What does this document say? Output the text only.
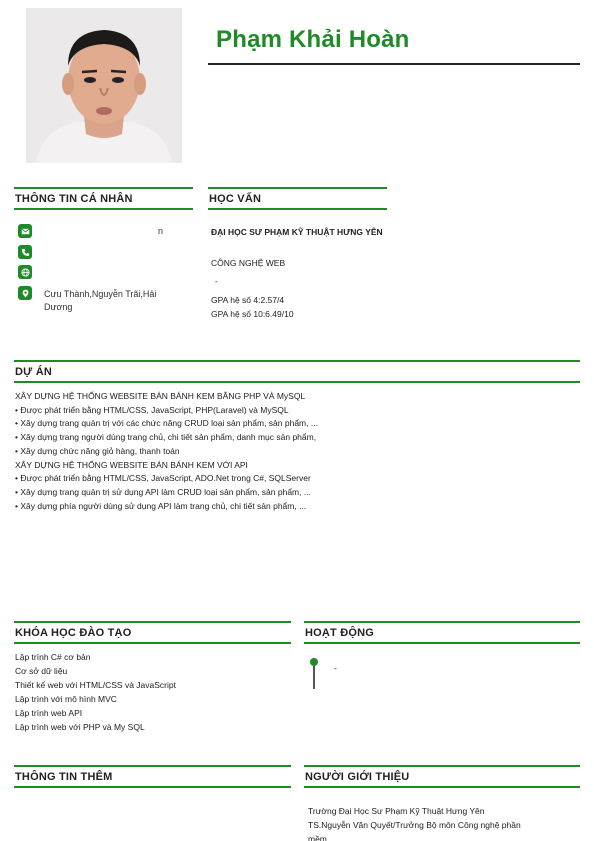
Phạm Khải Hoàn
THÔNG TIN CÁ NHÂN
n
Cưu Thành,Nguyễn Trãi,Hải Dương
HỌC VẤN
ĐẠI HỌC SƯ PHẠM KỸ THUẬT HƯNG YÊN
CÔNG NGHỆ WEB
-
GPA hệ số 4:2.57/4
GPA hệ số 10:6.49/10
DỰ ÁN
XÂY DỰNG HỆ THỐNG WEBSITE BÁN BÁNH KEM BẰNG PHP VÀ MySQL
• Được phát triển bằng HTML/CSS, JavaScript, PHP(Laravel) và MySQL
• Xây dựng trang quản trị với các chức năng CRUD loại sản phẩm, sản phẩm, ...
• Xây dựng trang người dùng trang chủ, chi tiết sản phẩm, danh mục sản phẩm,
• Xây dựng chức năng giỏ hàng, thanh toán
XÂY DỰNG HỆ THỐNG WEBSITE BÁN BÁNH KEM VỚI API
• Được phát triển bằng HTML/CSS, JavaScript, ADO.Net trong C#, SQLServer
• Xây dựng trang quản trị sử dụng API làm CRUD loại sản phẩm, sản phẩm, ...
• Xây dựng phía người dùng sử dụng API làm trang chủ, chi tiết sản phẩm, ...
KHÓA HỌC ĐÀO TẠO
Lập trình C# cơ bản
Cơ sở dữ liệu
Thiết kế web với HTML/CSS và JavaScript
Lập trình với mô hình MVC
Lập trình web API
Lập trình web với PHP và My SQL
HOẠT ĐỘNG
-
THÔNG TIN THÊM	NGƯỜI GIỚI THIỆU
Trường Đại Học Sư Phạm Kỹ Thuật Hưng Yên
TS.Nguyễn Văn Quyết/Trưởng Bộ môn Công nghệ phần
mềm
